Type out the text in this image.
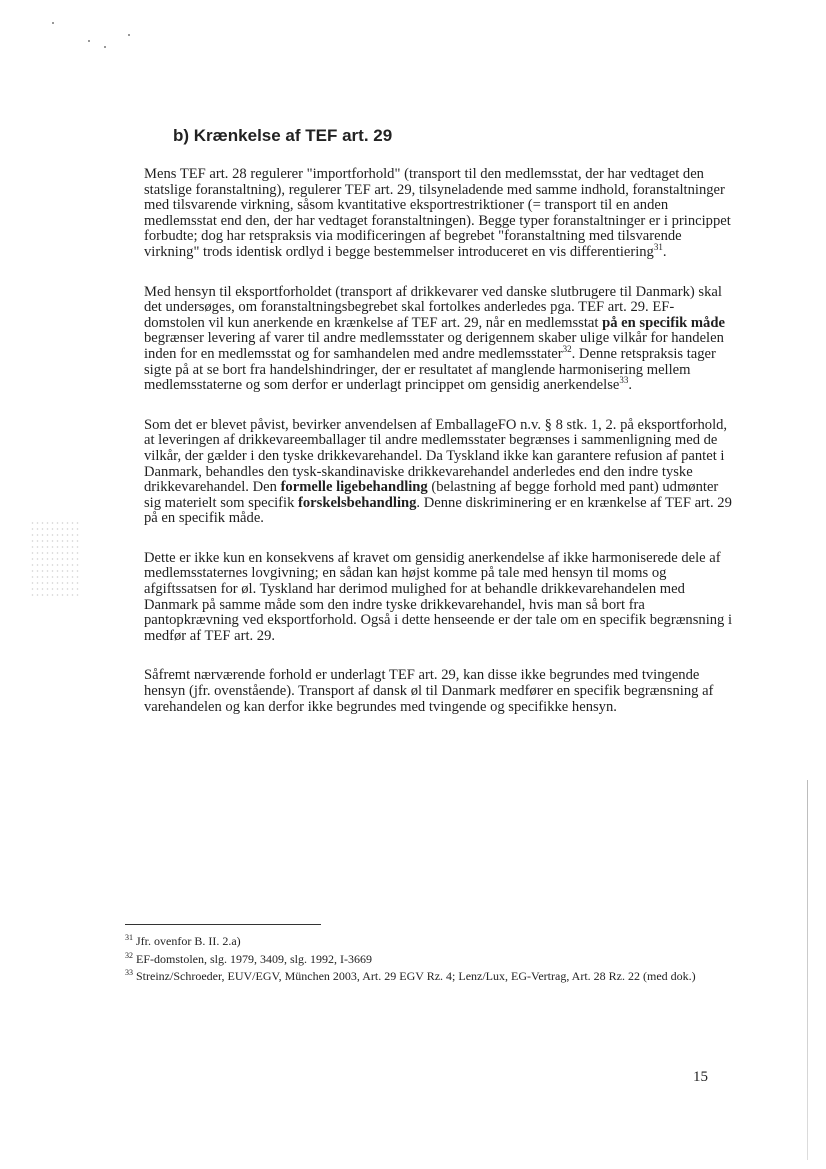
b) Krænkelse af TEF art. 29

Mens TEF art. 28 regulerer "importforhold" (transport til den medlemsstat, der har vedtaget den statslige foranstaltning), regulerer TEF art. 29, tilsyneladende med samme indhold, foranstaltninger med tilsvarende virkning, såsom kvantitative eksportrestriktioner (= transport til en anden medlemsstat end den, der har vedtaget foranstaltningen). Begge typer foranstaltninger er i princippet forbudte; dog har retspraksis via modificeringen af begrebet "foranstaltning med tilsvarende virkning" trods identisk ordlyd i begge bestemmelser introduceret en vis differentiering$^{31}$.

Med hensyn til eksportforholdet (transport af drikkevarer ved danske slutbrugere til Danmark) skal det undersøges, om foranstaltningsbegrebet skal fortolkes anderledes pga. TEF art. 29. EF-domstolen vil kun anerkende en krænkelse af TEF art. 29, når en medlemsstat på en specifik måde begrænser levering af varer til andre medlemsstater og derigennem skaber ulige vilkår for handelen inden for en medlemsstat og for samhandelen med andre medlemsstater$^{32}$. Denne retspraksis tager sigte på at se bort fra handelshindringer, der er resultatet af manglende harmonisering mellem medlemsstaterne og som derfor er underlagt princippet om gensidig anerkendelse$^{33}$.

Som det er blevet påvist, bevirker anvendelsen af EmballageFO n.v. § 8 stk. 1, 2. på eksportforhold, at leveringen af drikkevareemballager til andre medlemsstater begrænses i sammenligning med de vilkår, der gælder i den tyske drikkevarehandel. Da Tyskland ikke kan garantere refusion af pantet i Danmark, behandles den tysk-skandinaviske drikkevarehandel anderledes end den indre tyske drikkevarehandel. Den formelle ligebehandling (belastning af begge forhold med pant) udmønter sig materielt som specifik forskelsbehandling. Denne diskriminering er en krænkelse af TEF art. 29 på en specifik måde.

Dette er ikke kun en konsekvens af kravet om gensidig anerkendelse af ikke harmoniserede dele af medlemsstaternes lovgivning; en sådan kan højst komme på tale med hensyn til moms og afgiftssatsen for øl. Tyskland har derimod mulighed for at behandle drikkevarehandelen med Danmark på samme måde som den indre tyske drikkevarehandel, hvis man så bort fra pantopkrævning ved eksportforhold. Også i dette henseende er der tale om en specifik begrænsning i medfør af TEF art. 29.

Såfremt nærværende forhold er underlagt TEF art. 29, kan disse ikke begrundes med tvingende hensyn (jfr. ovenstående). Transport af dansk øl til Danmark medfører en specifik begrænsning af varehandelen og kan derfor ikke begrundes med tvingende og specifikke hensyn.

$^{31}$ Jfr. ovenfor B. II. 2.a)

$^{32}$ EF-domstolen, slg. 1979, 3409, slg. 1992, I-3669

$^{33}$ Streinz/Schroeder, EUV/EGV, München 2003, Art. 29 EGV Rz. 4; Lenz/Lux, EG-Vertrag, Art. 28 Rz. 22 (med dok.)

15
